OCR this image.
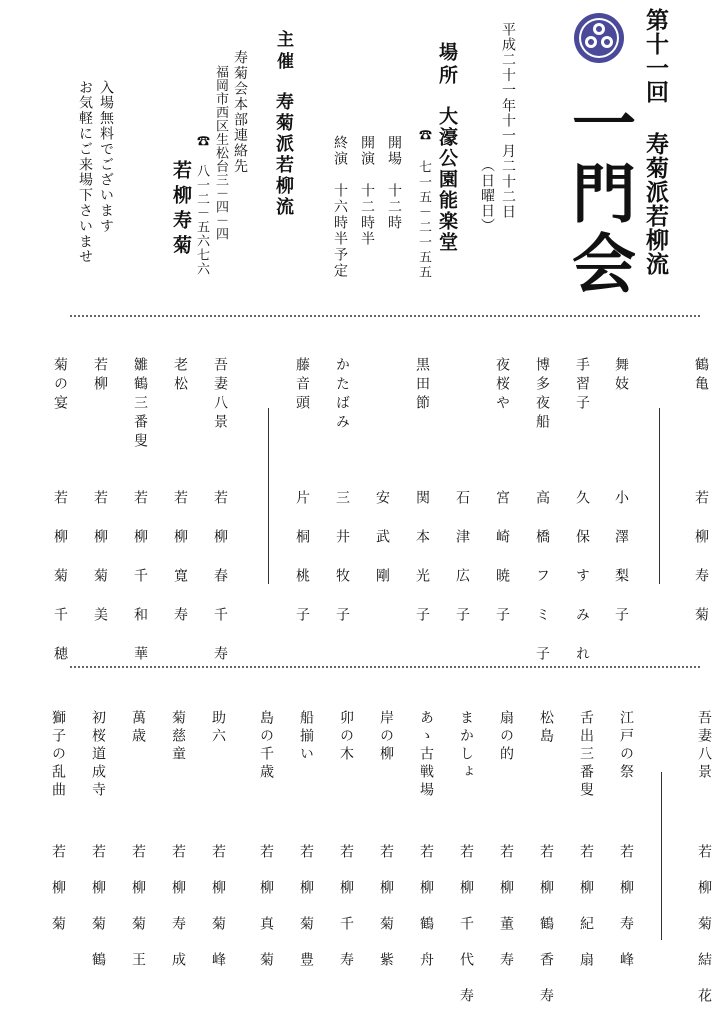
第十一回 寿菊派若柳流
一門会
平成二十一年十一月二十二日
（日曜日）
場所
大濠公園能楽堂
☎ 七一五－二一五五
開場　十二時
開演　十二時半
終演　十六時半予定
主催
寿菊派若柳流
寿菊会本部連絡先
福岡市西区生松台三－四－四
☎ 八一二－五六七六
若柳寿菊
入場無料でございます
お気軽にご来場下さいませ
鶴亀
若柳寿菊
舞妓
小澤梨子
手習子
久保すみれ
博多夜船
高橋フミ子
夜桜や
宮崎暁子
石津広子
黒田節
関本光子
安武剛
かたばみ
三井牧子
藤音頭
片桐桃子
吾妻八景
若柳春千寿
老松
若柳寛寿
雛鶴三番叟
若柳千和華
若柳
若柳菊美
菊の宴
若柳菊千穂
吾妻八景
若柳菊結花
江戸の祭
若柳寿峰
舌出三番叟
若柳紀扇
松島
若柳鶴香寿
扇の的
若柳董寿
まかしょ
若柳千代寿
あゝ古戦場
若柳鶴舟
岸の柳
若柳菊紫
卯の木
若柳千寿
船揃い
若柳菊豊
島の千歳
若柳真菊
助六
若柳菊峰
菊慈童
若柳寿成
萬歳
若柳菊王
初桜道成寺
若柳菊鶴
獅子の乱曲
若柳菊
